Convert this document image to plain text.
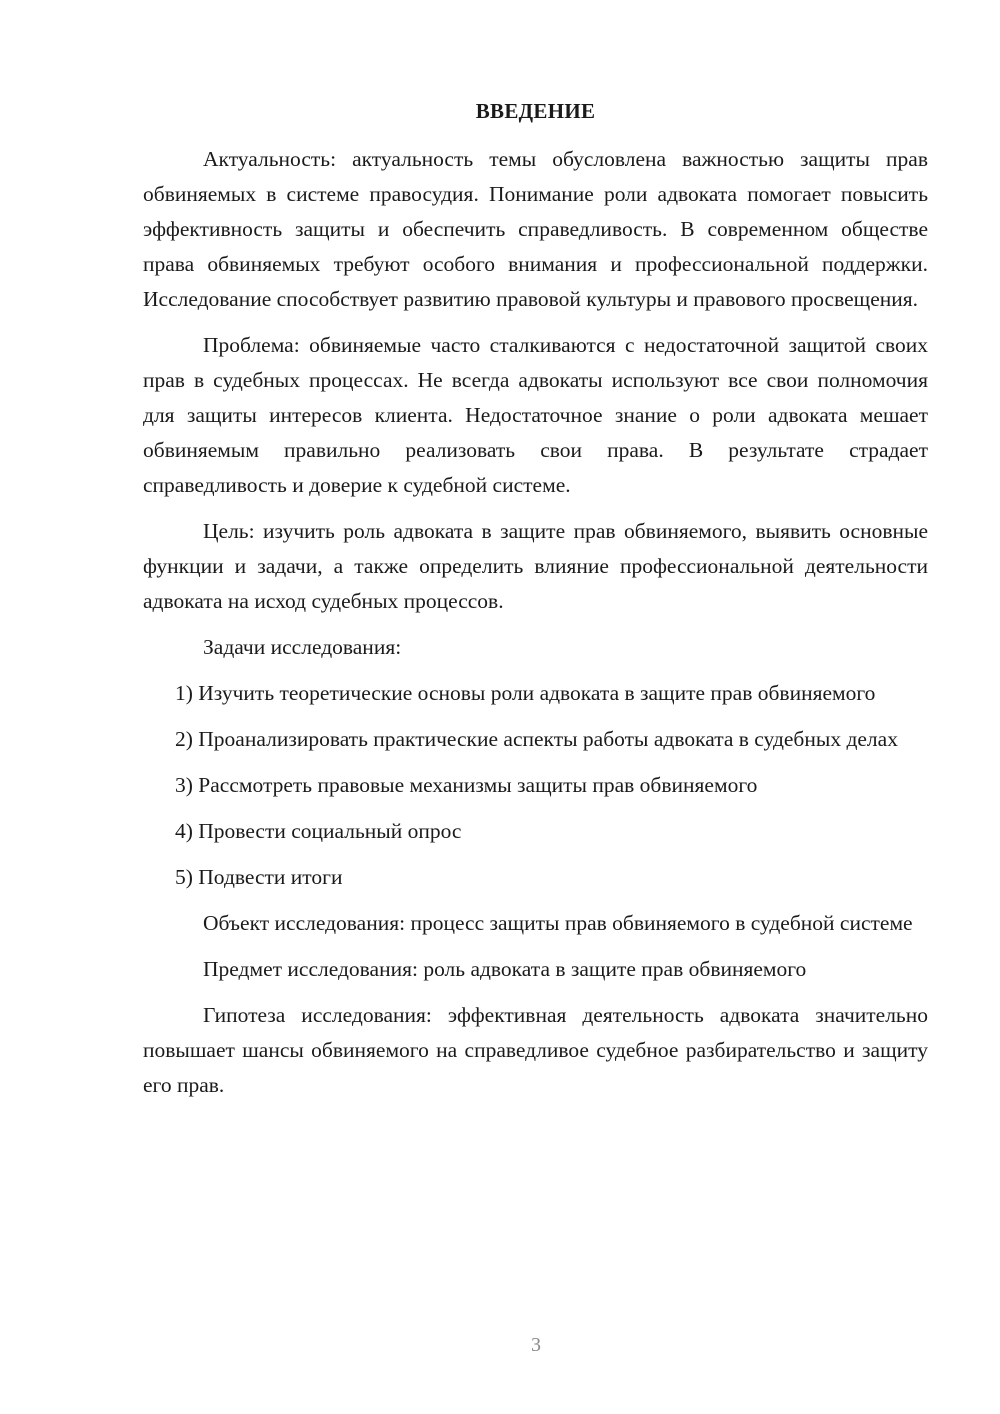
ВВЕДЕНИЕ

Актуальность: актуальность темы обусловлена важностью защиты прав обвиняемых в системе правосудия. Понимание роли адвоката помогает повысить эффективность защиты и обеспечить справедливость. В современном обществе права обвиняемых требуют особого внимания и профессиональной поддержки. Исследование способствует развитию правовой культуры и правового просвещения.

Проблема: обвиняемые часто сталкиваются с недостаточной защитой своих прав в судебных процессах. Не всегда адвокаты используют все свои полномочия для защиты интересов клиента. Недостаточное знание о роли адвоката мешает обвиняемым правильно реализовать свои права. В результате страдает справедливость и доверие к судебной системе.

Цель: изучить роль адвоката в защите прав обвиняемого, выявить основные функции и задачи, а также определить влияние профессиональной деятельности адвоката на исход судебных процессов.

Задачи исследования:

1) Изучить теоретические основы роли адвоката в защите прав обвиняемого

2) Проанализировать практические аспекты работы адвоката в судебных делах

3) Рассмотреть правовые механизмы защиты прав обвиняемого

4) Провести социальный опрос

5) Подвести итоги

Объект исследования: процесс защиты прав обвиняемого в судебной системе

Предмет исследования: роль адвоката в защите прав обвиняемого

Гипотеза исследования: эффективная деятельность адвоката значительно повышает шансы обвиняемого на справедливое судебное разбирательство и защиту его прав.

3
